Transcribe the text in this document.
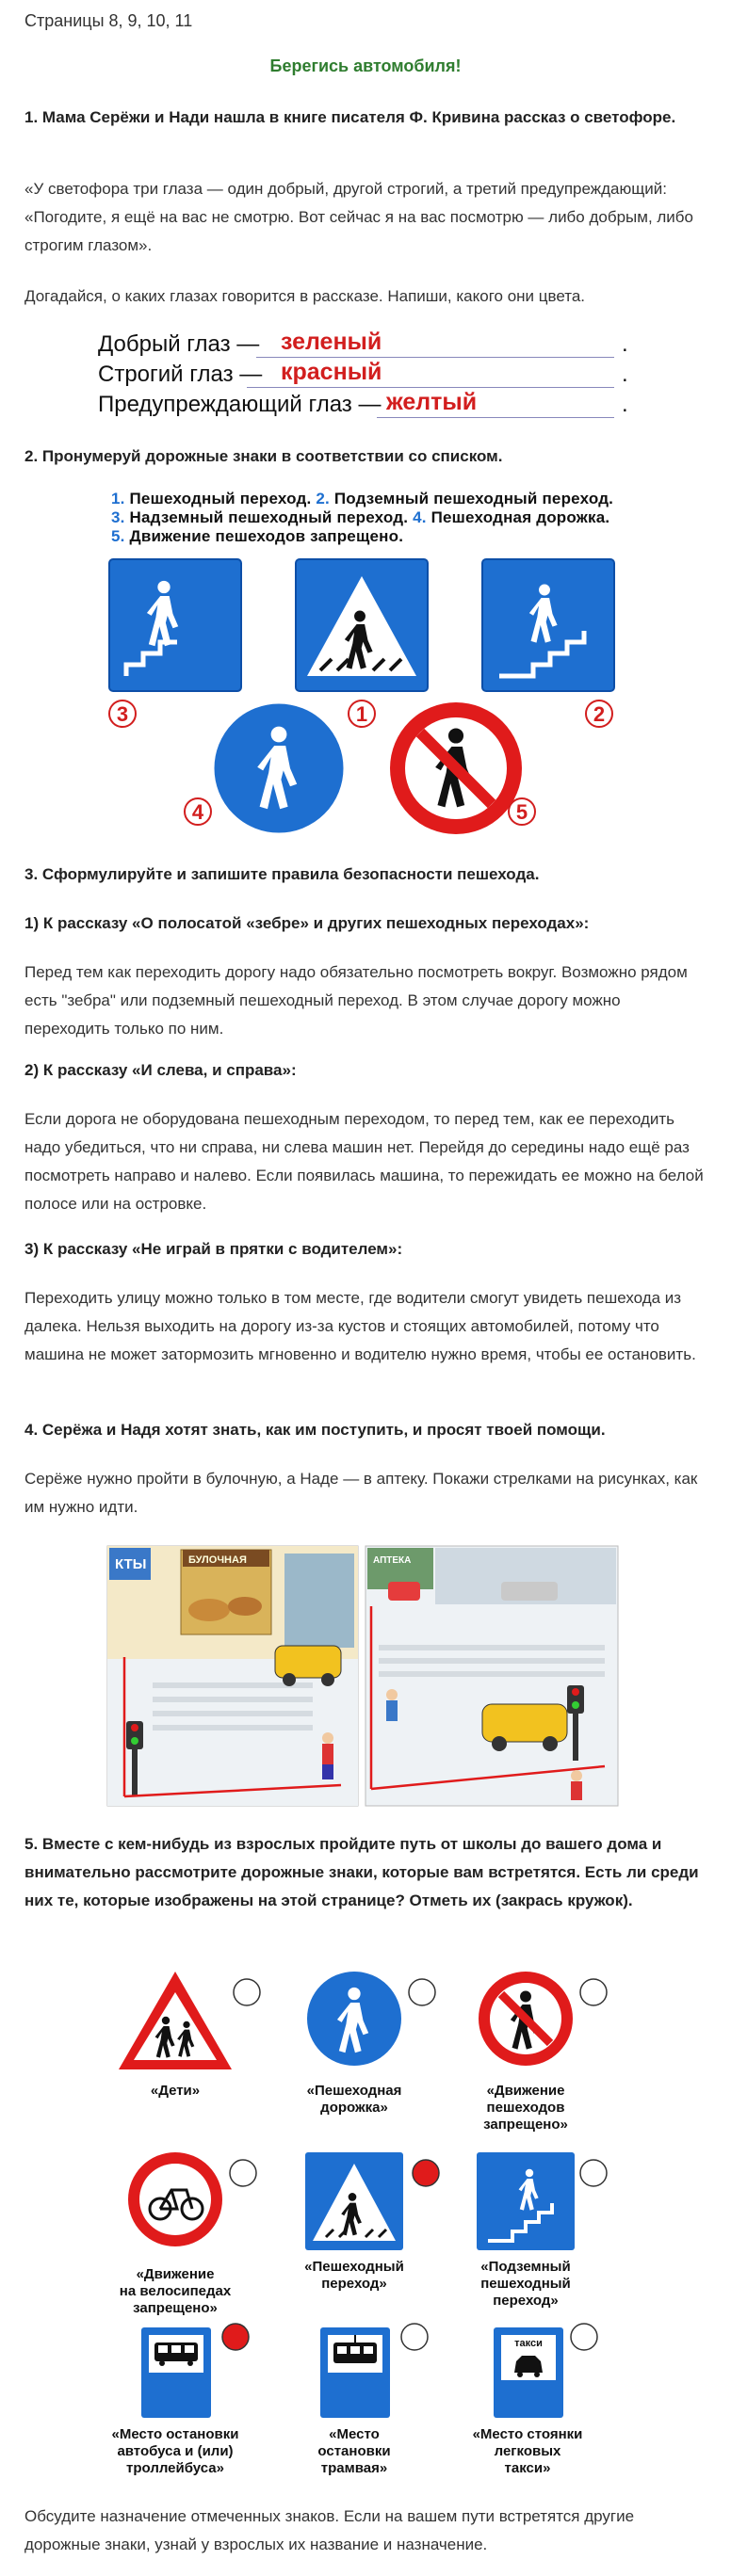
Страницы 8, 9, 10, 11
Берегись автомобиля!
1. Мама Серёжи и Нади нашла в книге писателя Ф. Кривина рассказ о светофоре.
«У светофора три глаза — один добрый, другой строгий, а третий предупреждающий: «Погодите, я ещё на вас не смотрю. Вот сейчас я на вас посмотрю — либо добрым, либо строгим глазом».
Догадайся, о каких глазах говорится в рассказе. Напиши, какого они цвета.
Добрый глаз — зеленый	.
Строгий глаз — красный	.
Предупреждающий глаз — желтый	.
2. Пронумеруй дорожные знаки в соответствии со списком.
1. Пешеходный переход. 2. Подземный пешеходный переход. 3. Надземный пешеходный переход. 4. Пешеходная дорожка. 5. Движение пешеходов запрещено.
3	1	2
4	5
3. Сформулируйте и запишите правила безопасности пешехода.
1) К рассказу «О полосатой «зебре» и других пешеходных переходах»:
Перед тем как переходить дорогу надо обязательно посмотреть вокруг. Возможно рядом есть "зебра" или подземный пешеходный переход. В этом случае дорогу можно переходить только по ним.
2) К рассказу «И слева, и справа»:
Если дорога не оборудована пешеходным переходом, то перед тем, как ее переходить надо убедиться, что ни справа, ни слева машин нет. Перейдя до середины надо ещё раз посмотреть направо и налево. Если появилась машина, то пережидать ее можно на белой полосе или на островке.
3) К рассказу «Не играй в прятки с водителем»:
Переходить улицу можно только в том месте, где водители смогут увидеть пешехода из далека. Нельзя выходить на дорогу из-за кустов и стоящих автомобилей, потому что машина не может затормозить мгновенно и водителю нужно время, чтобы ее остановить.
4. Серёжа и Надя хотят знать, как им поступить, и просят твоей помощи.
Серёже нужно пройти в булочную, а Наде — в аптеку. Покажи стрелками на рисунках, как им нужно идти.
КТЫ	БУЛОЧНАЯ	АПТЕКА
5. Вместе с кем-нибудь из взрослых пройдите путь от школы до вашего дома и внимательно рассмотрите дорожные знаки, которые вам встретятся. Есть ли среди них те, которые изображены на этой странице? Отметь их (закрась кружок).
«Дети»	«Пешеходная дорожка»
«Движение пешеходов запрещено»
«Движение на велосипедах запрещено»
«Пешеходный переход»
«Подземный пешеходный переход»
такси
«Место остановки автобуса и (или) троллейбуса»
«Место остановки трамвая»
«Место стоянки легковых такси»
Обсудите назначение отмеченных знаков. Если на вашем пути встретятся другие дорожные знаки, узнай у взрослых их название и назначение.
